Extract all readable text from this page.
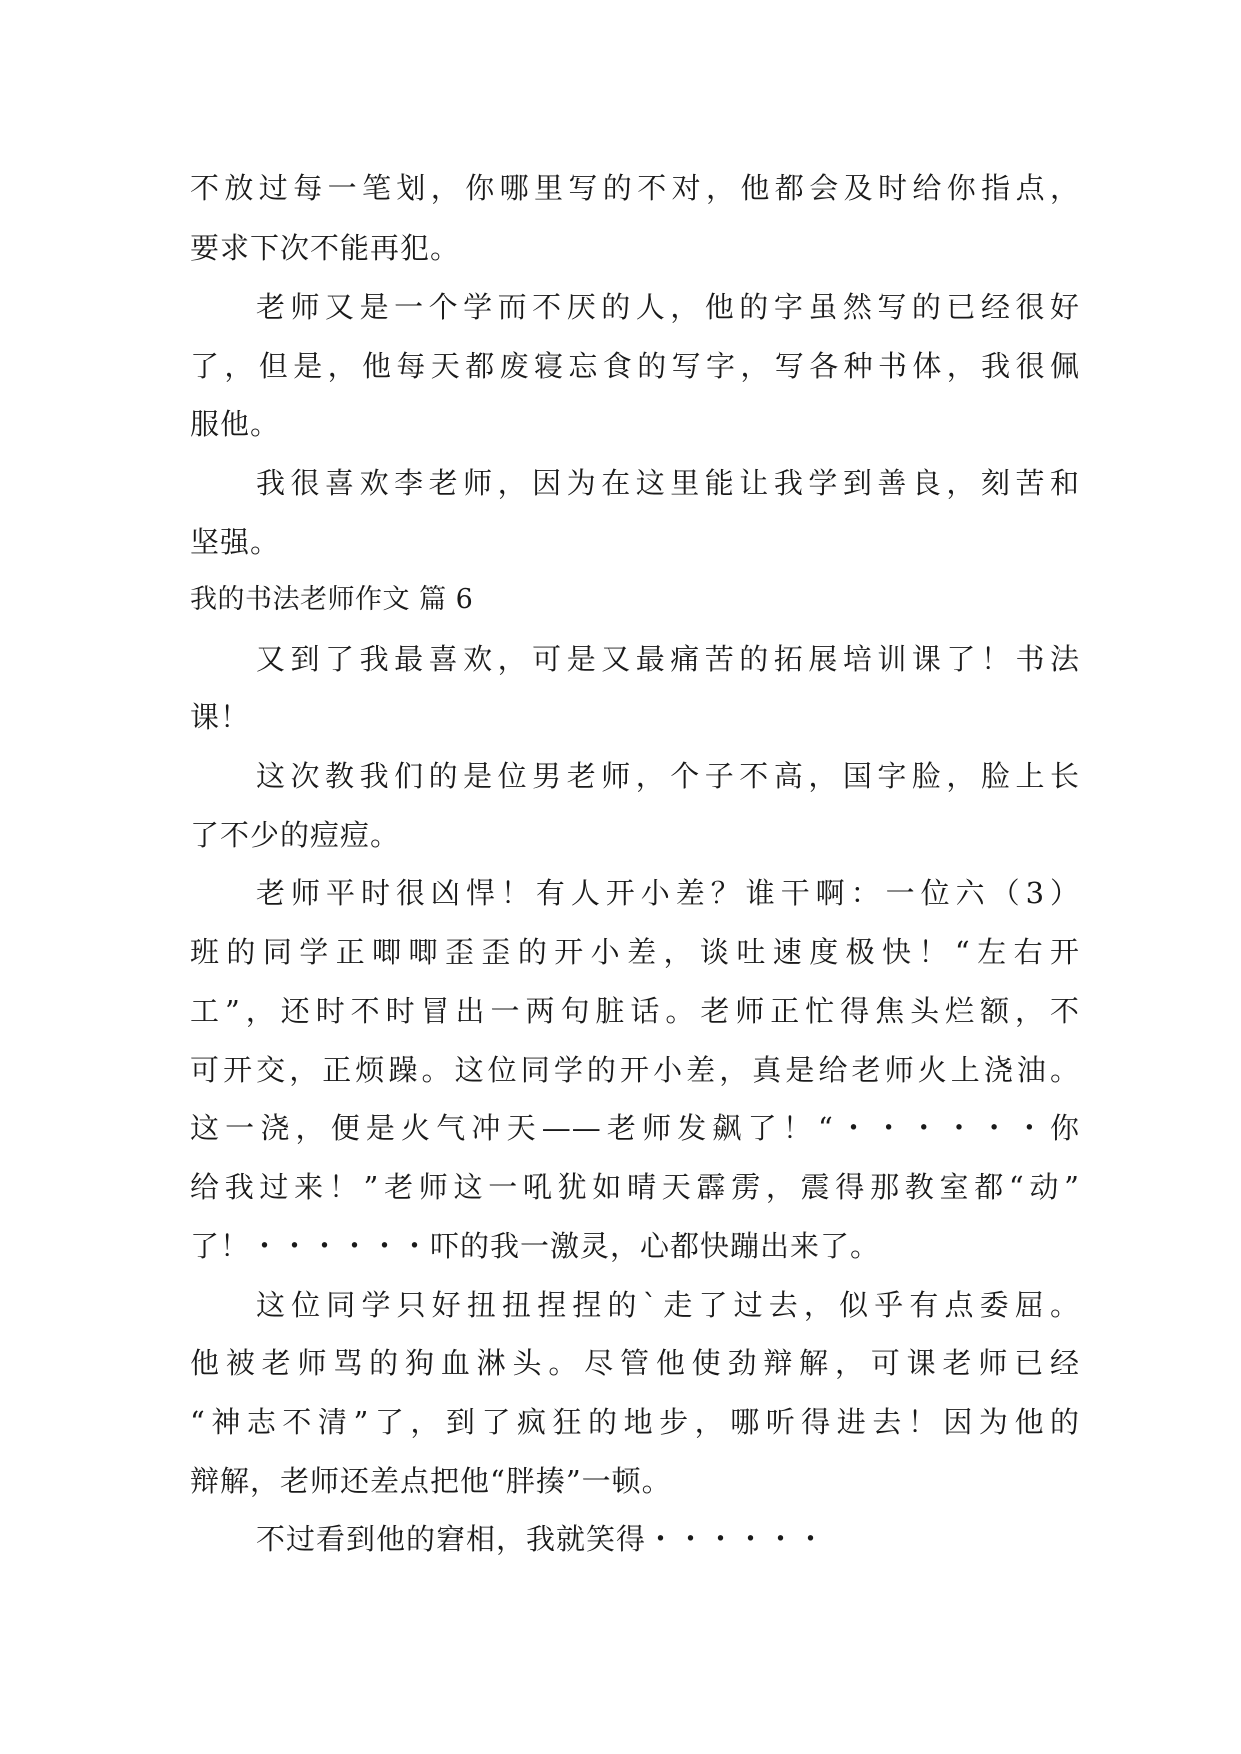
不放过每一笔划，你哪里写的不对，他都会及时给你指点，
要求下次不能再犯。
老师又是一个学而不厌的人，他的字虽然写的已经很好
了，但是，他每天都废寝忘食的写字，写各种书体，我很佩
服他。
我很喜欢李老师，因为在这里能让我学到善良，刻苦和
坚强。
我的书法老师作文 篇 6
又到了我最喜欢，可是又最痛苦的拓展培训课了！书法
课！
这次教我们的是位男老师，个子不高，国字脸，脸上长
了不少的痘痘。
老师平时很凶悍！有人开小差？谁干啊：一位六（3）
班的同学正唧唧歪歪的开小差，谈吐速度极快！“左右开
工”，还时不时冒出一两句脏话。老师正忙得焦头烂额，不
可开交，正烦躁。这位同学的开小差，真是给老师火上浇油。
这一浇，便是火气冲天——老师发飙了！“・・・・・・你
给我过来！”老师这一吼犹如晴天霹雳，震得那教室都“动”
了！・・・・・・吓的我一激灵，心都快蹦出来了。
这位同学只好扭扭捏捏的`走了过去，似乎有点委屈。
他被老师骂的狗血淋头。尽管他使劲辩解，可课老师已经
“神志不清”了，到了疯狂的地步，哪听得进去！因为他的
辩解，老师还差点把他“胖揍”一顿。
不过看到他的窘相，我就笑得・・・・・・
